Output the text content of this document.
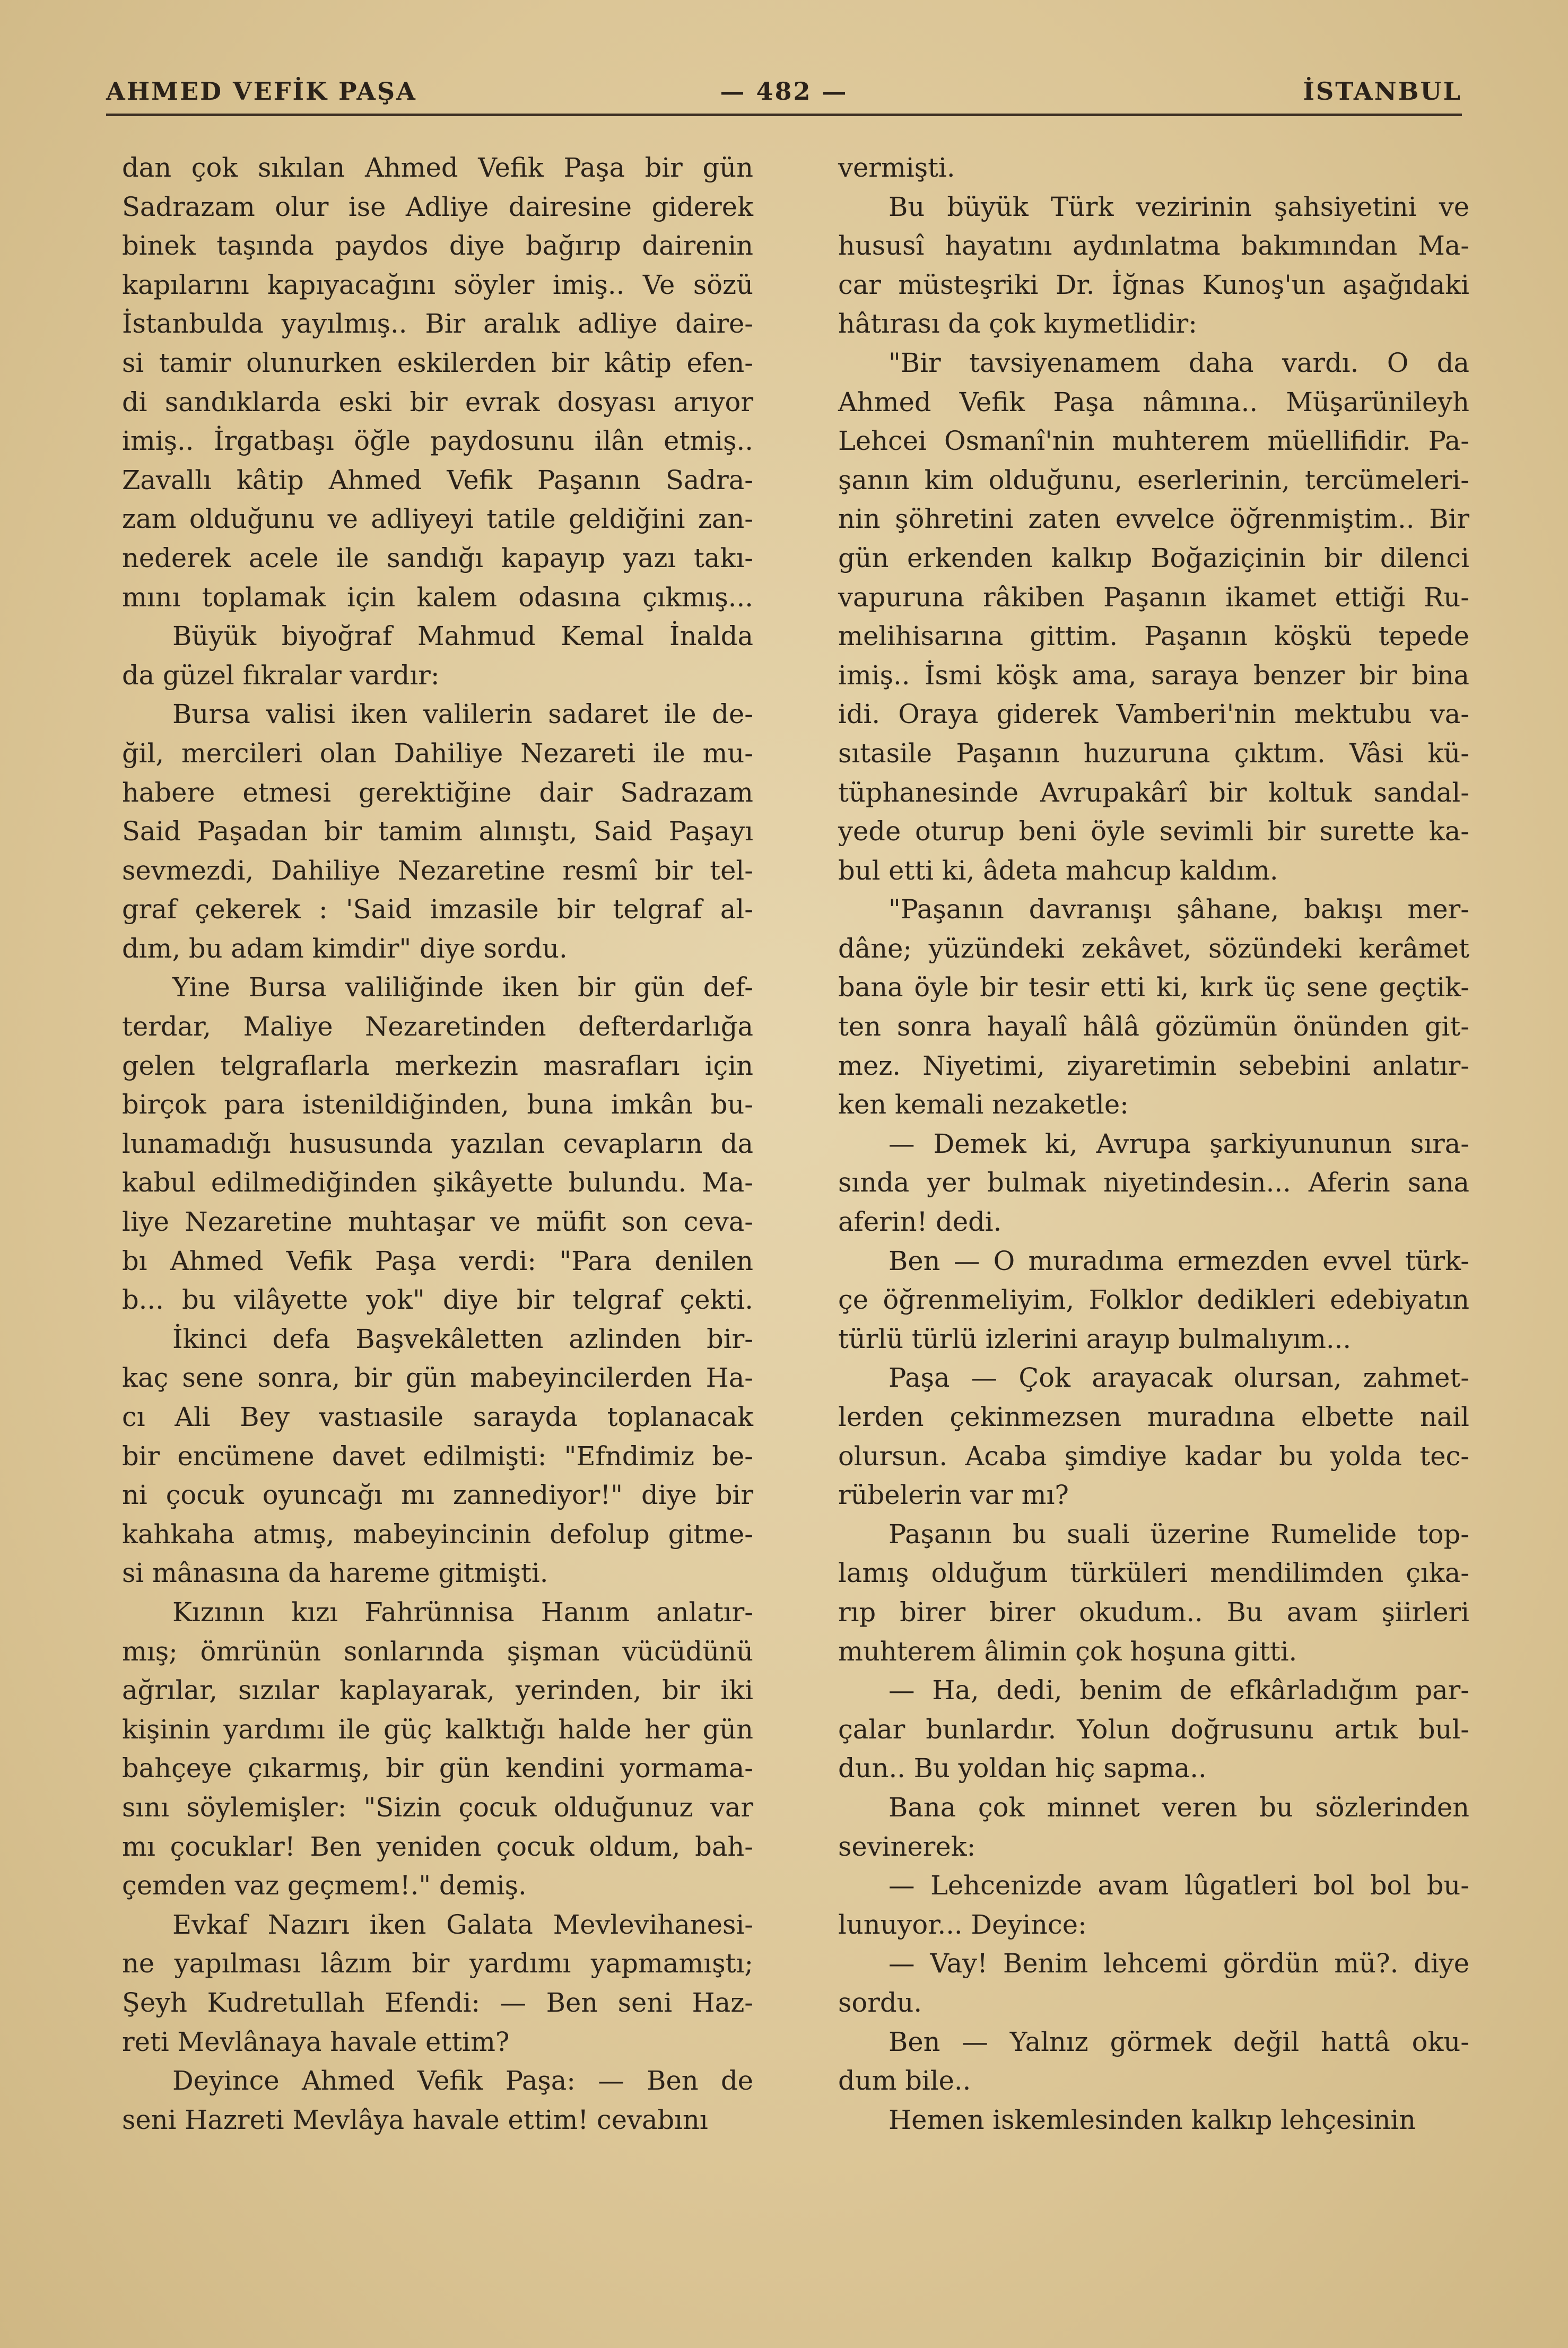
AHMED VEFİK PAŞA	— 482 —	İSTANBUL
dan çok sıkılan Ahmed Vefik Paşa bir gün
Sadrazam olur ise Adliye dairesine giderek
binek taşında paydos diye bağırıp dairenin
kapılarını kapıyacağını söyler imiş.. Ve sözü
İstanbulda yayılmış.. Bir aralık adliye daire-
si tamir olunurken eskilerden bir kâtip efen-
di sandıklarda eski bir evrak dosyası arıyor
imiş.. İrgatbaşı öğle paydosunu ilân etmiş..
Zavallı kâtip Ahmed Vefik Paşanın Sadra-
zam olduğunu ve adliyeyi tatile geldiğini zan-
nederek acele ile sandığı kapayıp yazı takı-
mını toplamak için kalem odasına çıkmış...
Büyük biyoğraf Mahmud Kemal İnalda
da güzel fıkralar vardır:
Bursa valisi iken valilerin sadaret ile de-
ğil, mercileri olan Dahiliye Nezareti ile mu-
habere etmesi gerektiğine dair Sadrazam
Said Paşadan bir tamim alınıştı, Said Paşayı
sevmezdi, Dahiliye Nezaretine resmî bir tel-
graf çekerek : 'Said imzasile bir telgraf al-
dım, bu adam kimdir" diye sordu.
Yine Bursa valiliğinde iken bir gün def-
terdar, Maliye Nezaretinden defterdarlığa
gelen telgraflarla merkezin masrafları için
birçok para istenildiğinden, buna imkân bu-
lunamadığı hususunda yazılan cevapların da
kabul edilmediğinden şikâyette bulundu. Ma-
liye Nezaretine muhtaşar ve müfit son ceva-
bı Ahmed Vefik Paşa verdi: "Para denilen
b... bu vilâyette yok" diye bir telgraf çekti.
İkinci defa Başvekâletten azlinden bir-
kaç sene sonra, bir gün mabeyincilerden Ha-
cı Ali Bey vastıasile sarayda toplanacak
bir encümene davet edilmişti: "Efndimiz be-
ni çocuk oyuncağı mı zannediyor!" diye bir
kahkaha atmış, mabeyincinin defolup gitme-
si mânasına da hareme gitmişti.
Kızının kızı Fahrünnisa Hanım anlatır-
mış; ömrünün sonlarında şişman vücüdünü
ağrılar, sızılar kaplayarak, yerinden, bir iki
kişinin yardımı ile güç kalktığı halde her gün
bahçeye çıkarmış, bir gün kendini yormama-
sını söylemişler: "Sizin çocuk olduğunuz var
mı çocuklar! Ben yeniden çocuk oldum, bah-
çemden vaz geçmem!." demiş.
Evkaf Nazırı iken Galata Mevlevihanesi-
ne yapılması lâzım bir yardımı yapmamıştı;
Şeyh Kudretullah Efendi: — Ben seni Haz-
reti Mevlânaya havale ettim?
Deyince Ahmed Vefik Paşa: — Ben de
seni Hazreti Mevlâya havale ettim! cevabını
vermişti.
Bu büyük Türk vezirinin şahsiyetini ve
hususî hayatını aydınlatma bakımından Ma-
car müsteşriki Dr. İğnas Kunoş'un aşağıdaki
hâtırası da çok kıymetlidir:
"Bir tavsiyenamem daha vardı. O da
Ahmed Vefik Paşa nâmına.. Müşarünileyh
Lehcei Osmanî'nin muhterem müellifidir. Pa-
şanın kim olduğunu, eserlerinin, tercümeleri-
nin şöhretini zaten evvelce öğrenmiştim.. Bir
gün erkenden kalkıp Boğaziçinin bir dilenci
vapuruna râkiben Paşanın ikamet ettiği Ru-
melihisarına gittim. Paşanın köşkü tepede
imiş.. İsmi köşk ama, saraya benzer bir bina
idi. Oraya giderek Vamberi'nin mektubu va-
sıtasile Paşanın huzuruna çıktım. Vâsi kü-
tüphanesinde Avrupakârî bir koltuk sandal-
yede oturup beni öyle sevimli bir surette ka-
bul etti ki, âdeta mahcup kaldım.
"Paşanın davranışı şâhane, bakışı mer-
dâne; yüzündeki zekâvet, sözündeki kerâmet
bana öyle bir tesir etti ki, kırk üç sene geçtik-
ten sonra hayalî hâlâ gözümün önünden git-
mez. Niyetimi, ziyaretimin sebebini anlatır-
ken kemali nezaketle:
— Demek ki, Avrupa şarkiyununun sıra-
sında yer bulmak niyetindesin... Aferin sana
aferin! dedi.
Ben — O muradıma ermezden evvel türk-
çe öğrenmeliyim, Folklor dedikleri edebiyatın
türlü türlü izlerini arayıp bulmalıyım...
Paşa — Çok arayacak olursan, zahmet-
lerden çekinmezsen muradına elbette nail
olursun. Acaba şimdiye kadar bu yolda tec-
rübelerin var mı?
Paşanın bu suali üzerine Rumelide top-
lamış olduğum türküleri mendilimden çıka-
rıp birer birer okudum.. Bu avam şiirleri
muhterem âlimin çok hoşuna gitti.
— Ha, dedi, benim de efkârladığım par-
çalar bunlardır. Yolun doğrusunu artık bul-
dun.. Bu yoldan hiç sapma..
Bana çok minnet veren bu sözlerinden
sevinerek:
— Lehcenizde avam lûgatleri bol bol bu-
lunuyor... Deyince:
— Vay! Benim lehcemi gördün mü?. diye
sordu.
Ben — Yalnız görmek değil hattâ oku-
dum bile..
Hemen iskemlesinden kalkıp lehçesinin
